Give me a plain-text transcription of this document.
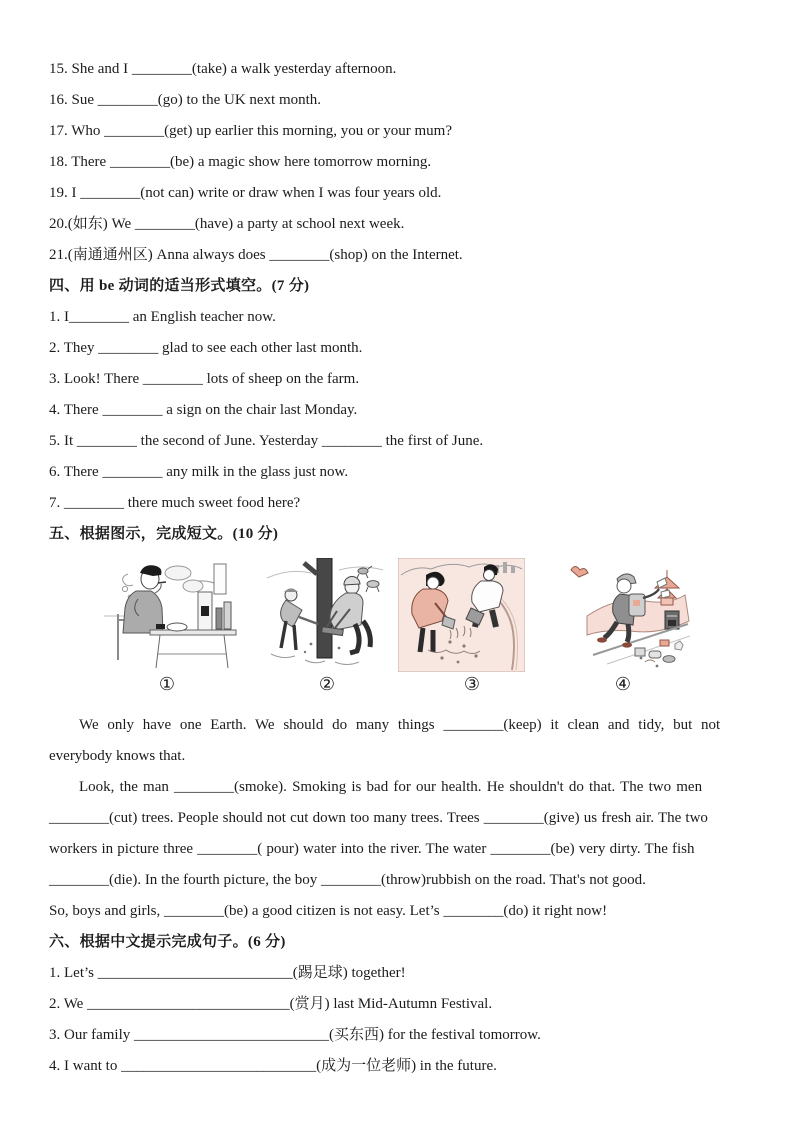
15. She and I ________(take) a walk yesterday afternoon.
16. Sue ________(go) to the UK next month.
17. Who ________(get) up earlier this morning, you or your mum?
18. There ________(be) a magic show here tomorrow morning.
19. I ________(not can) write or draw when I was four years old.
20.(如东) We ________(have) a party at school next week.
21.(南通通州区) Anna always does ________(shop) on the Internet.
四、用 be 动词的适当形式填空。(7 分)
1. I________ an English teacher now.
2. They ________ glad to see each other last month.
3. Look! There ________ lots of sheep on the farm.
4. There ________ a sign on the chair last Monday.
5. It ________ the second of June. Yesterday ________ the first of June.
6. There ________ any milk in the glass just now.
7. ________ there much sweet food here?
五、根据图示，完成短文。(10 分)
①	②	③	④
We only have one Earth. We should do many things ________(keep) it clean and tidy, but not
everybody knows that.
Look, the man ________(smoke). Smoking is bad for our health. He shouldn't do that. The two men
________(cut) trees. People should not cut down too many trees. Trees ________(give) us fresh air. The two
workers in picture three ________( pour) water into the river. The water ________(be) very dirty. The fish
________(die). In the fourth picture, the boy ________(throw)rubbish on the road. That's not good.
So, boys and girls, ________(be) a good citizen is not easy. Let’s ________(do) it right now!
六、根据中文提示完成句子。(6 分)
1. Let’s __________________________(踢足球) together!
2. We ___________________________(赏月) last Mid-Autumn Festival.
3. Our family __________________________(买东西) for the festival tomorrow.
4. I want to __________________________(成为一位老师) in the future.
